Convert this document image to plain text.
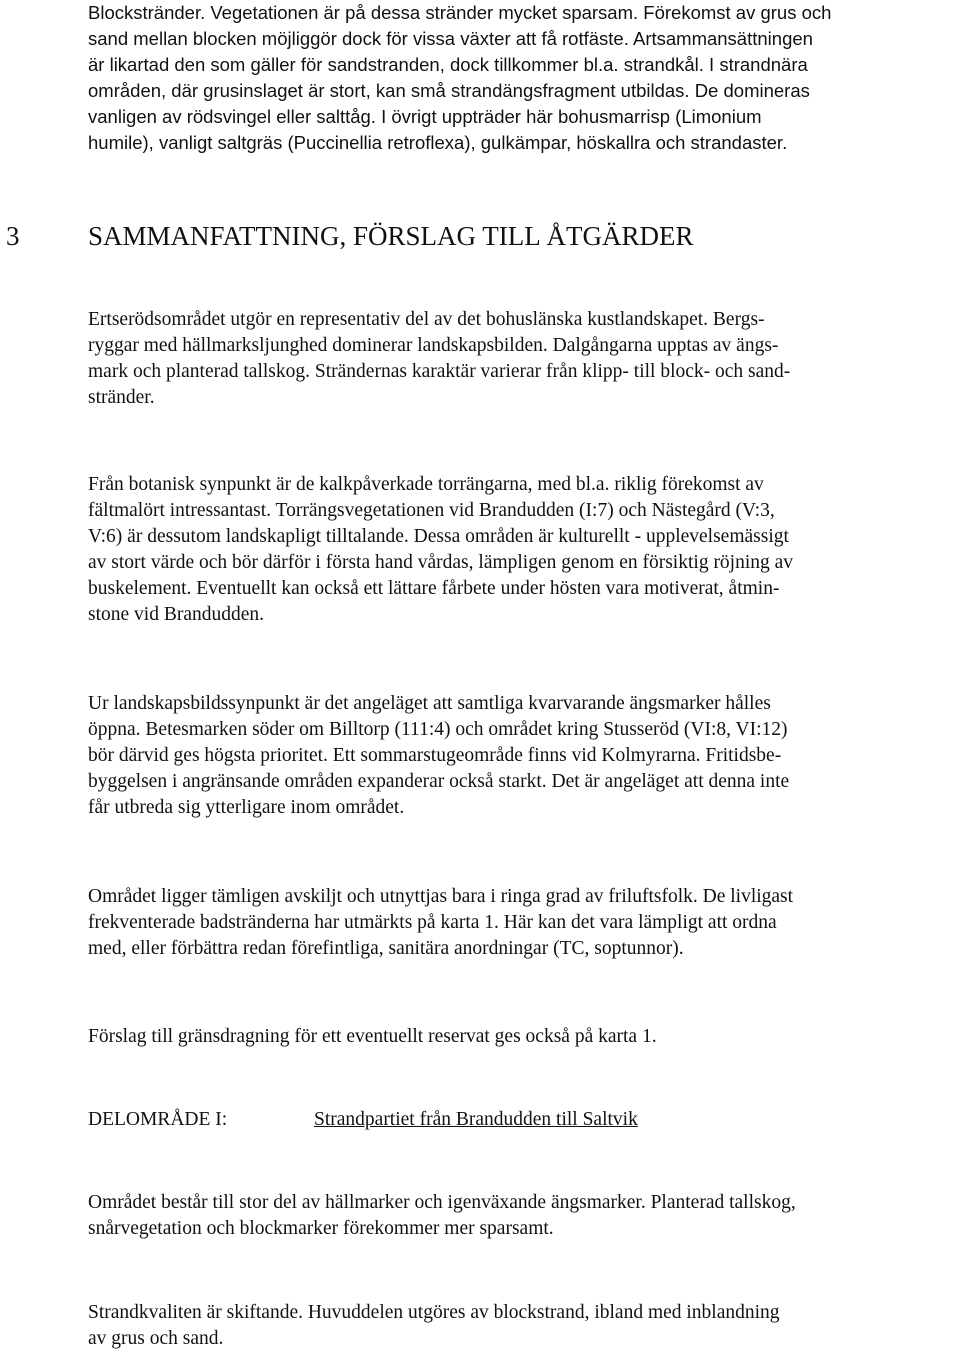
Blockstränder. Vegetationen är på dessa stränder mycket sparsam. Förekomst av grus och
sand mellan blocken möjliggör dock för vissa växter att få rotfäste. Artsammansättningen
är likartad den som gäller för sandstranden, dock tillkommer bl.a. strandkål. I strandnära
områden, där grusinslaget är stort, kan små strandängsfragment utbildas. De domineras
vanligen av rödsvingel eller salttåg. I övrigt uppträder här bohusmarrisp (Limonium
humile), vanligt saltgräs (Puccinellia retroflexa), gulkämpar, höskallra och strandaster.
3	SAMMANFATTNING, FÖRSLAG TILL ÅTGÄRDER
Ertserödsområdet utgör en representativ del av det bohuslänska kustlandskapet. Bergs-
ryggar med hällmarksljunghed dominerar landskapsbilden. Dalgångarna upptas av ängs-
mark och planterad tallskog. Strändernas karaktär varierar från klipp- till block- och sand-
stränder.
Från botanisk synpunkt är de kalkpåverkade torrängarna, med bl.a. riklig förekomst av
fältmalört intressantast. Torrängsvegetationen vid Brandudden (I:7) och Nästegård (V:3,
V:6) är dessutom landskapligt tilltalande. Dessa områden är kulturellt - upplevelsemässigt
av stort värde och bör därför i första hand vårdas, lämpligen genom en försiktig röjning av
buskelement. Eventuellt kan också ett lättare fårbete under hösten vara motiverat, åtmin-
stone vid Brandudden.
Ur landskapsbildssynpunkt är det angeläget att samtliga kvarvarande ängsmarker hålles
öppna. Betesmarken söder om Billtorp (111:4) och området kring Stusseröd (VI:8, VI:12)
bör därvid ges högsta prioritet. Ett sommarstugeområde finns vid Kolmyrarna. Fritidsbe-
byggelsen i angränsande områden expanderar också starkt. Det är angeläget att denna inte
får utbreda sig ytterligare inom området.
Området ligger tämligen avskiljt och utnyttjas bara i ringa grad av friluftsfolk. De livligast
frekventerade badstränderna har utmärkts på karta 1. Här kan det vara lämpligt att ordna
med, eller förbättra redan förefintliga, sanitära anordningar (TC, soptunnor).
Förslag till gränsdragning för ett eventuellt reservat ges också på karta 1.
DELOMRÅDE I:	Strandpartiet från Brandudden till Saltvik
Området består till stor del av hällmarker och igenväxande ängsmarker. Planterad tallskog,
snårvegetation och blockmarker förekommer mer sparsamt.
Strandkvaliten är skiftande. Huvuddelen utgöres av blockstrand, ibland med inblandning
av grus och sand.
